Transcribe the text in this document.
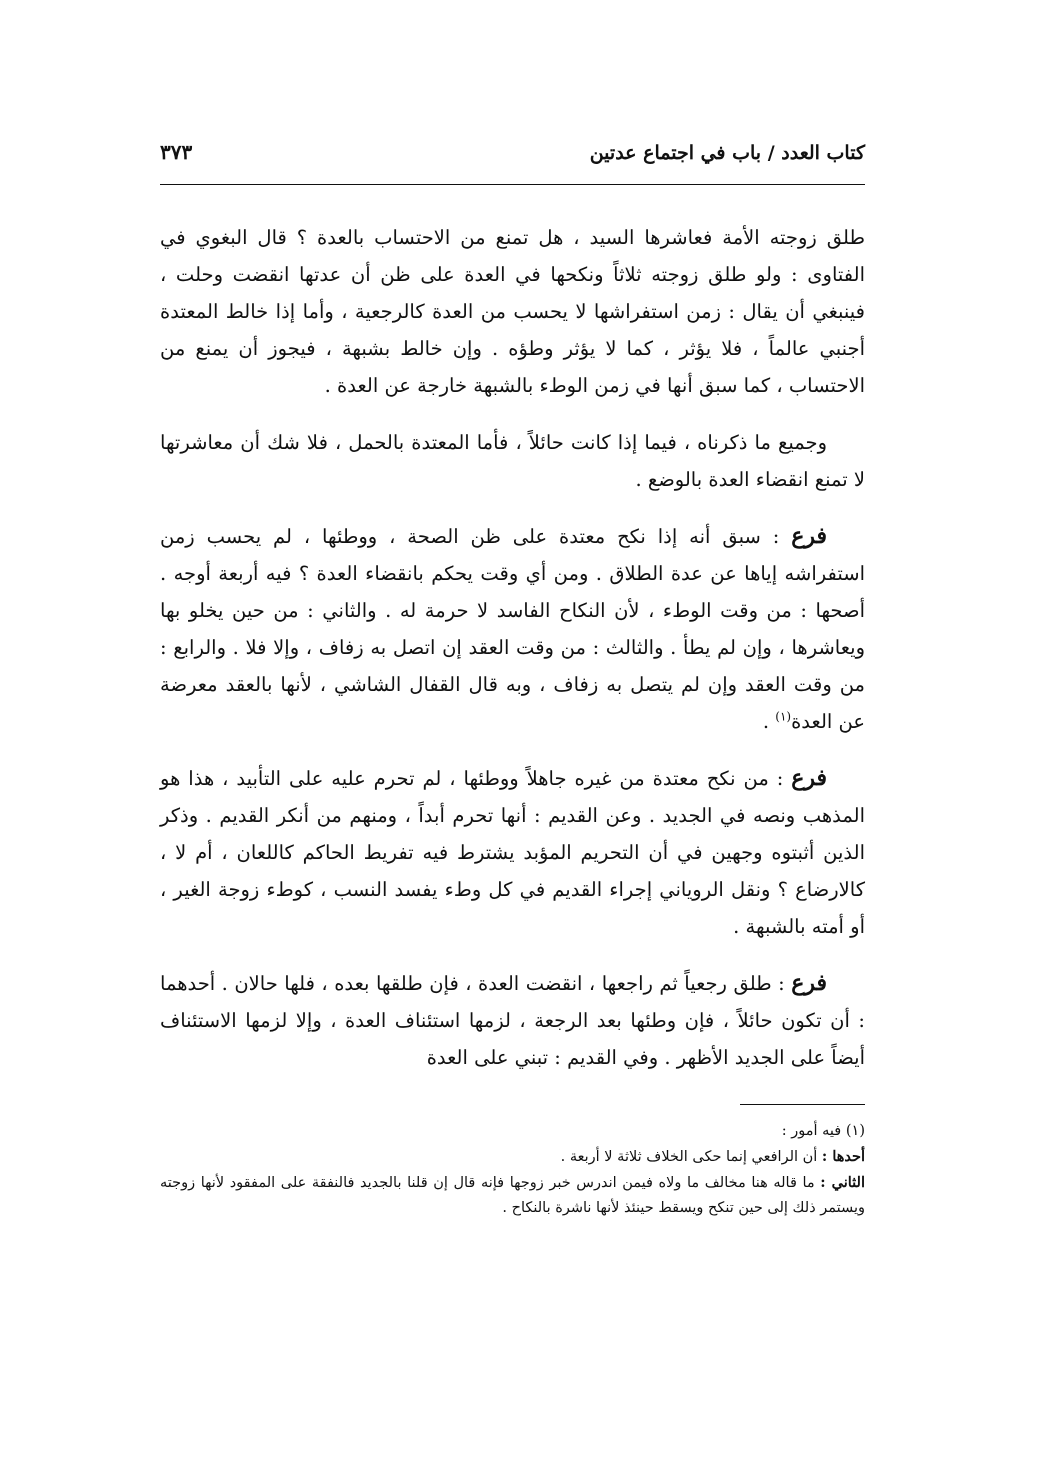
كتاب العدد / باب في اجتماع عدتين
٣٧٣

طلق زوجته الأمة فعاشرها السيد ، هل تمنع من الاحتساب بالعدة ؟ قال البغوي في الفتاوى : ولو طلق زوجته ثلاثاً ونكحها في العدة على ظن أن عدتها انقضت وحلت ، فينبغي أن يقال : زمن استفراشها لا يحسب من العدة كالرجعية ، وأما إذا خالط المعتدة أجنبي عالماً ، فلا يؤثر ، كما لا يؤثر وطؤه . وإن خالط بشبهة ، فيجوز أن يمنع من الاحتساب ، كما سبق أنها في زمن الوطء بالشبهة خارجة عن العدة .

وجميع ما ذكرناه ، فيما إذا كانت حائلاً ، فأما المعتدة بالحمل ، فلا شك أن معاشرتها لا تمنع انقضاء العدة بالوضع .

فرع : سبق أنه إذا نكح معتدة على ظن الصحة ، ووطئها ، لم يحسب زمن استفراشه إياها عن عدة الطلاق . ومن أي وقت يحكم بانقضاء العدة ؟ فيه أربعة أوجه . أصحها : من وقت الوطء ، لأن النكاح الفاسد لا حرمة له . والثاني : من حين يخلو بها ويعاشرها ، وإن لم يطأ . والثالث : من وقت العقد إن اتصل به زفاف ، وإلا فلا . والرابع : من وقت العقد وإن لم يتصل به زفاف ، وبه قال القفال الشاشي ، لأنها بالعقد معرضة عن العدة$^{(١)}$ .

فرع : من نكح معتدة من غيره جاهلاً ووطئها ، لم تحرم عليه على التأبيد ، هذا هو المذهب ونصه في الجديد . وعن القديم : أنها تحرم أبداً ، ومنهم من أنكر القديم . وذكر الذين أثبتوه وجهين في أن التحريم المؤبد يشترط فيه تفريط الحاكم كاللعان ، أم لا ، كالارضاع ؟ ونقل الروياني إجراء القديم في كل وطء يفسد النسب ، كوطء زوجة الغير ، أو أمته بالشبهة .

فرع : طلق رجعياً ثم راجعها ، انقضت العدة ، فإن طلقها بعده ، فلها حالان . أحدهما : أن تكون حائلاً ، فإن وطئها بعد الرجعة ، لزمها استئناف العدة ، وإلا لزمها الاستئناف أيضاً على الجديد الأظهر . وفي القديم : تبني على العدة

(١) فيه أمور :

أحدها : أن الرافعي إنما حكى الخلاف ثلاثة لا أربعة .

الثاني : ما قاله هنا مخالف ما ولاه فيمن اندرس خبر زوجها فإنه قال إن قلنا بالجديد فالنفقة على المفقود لأنها زوجته ويستمر ذلك إلى حين تنكح ويسقط حينئذ لأنها ناشرة بالنكاح .
